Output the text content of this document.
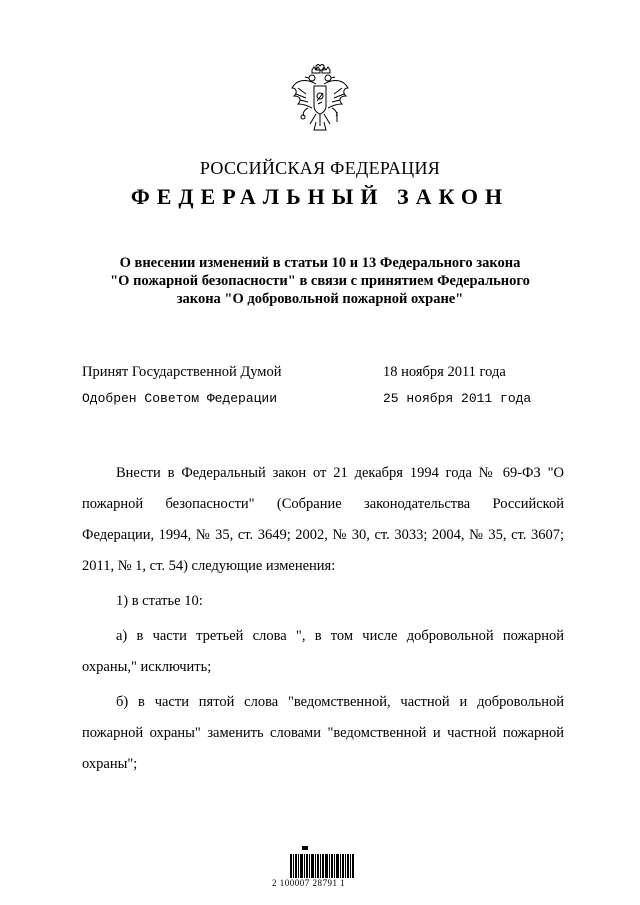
РОССИЙСКАЯ ФЕДЕРАЦИЯ
ФЕДЕРАЛЬНЫЙ ЗАКОН
О внесении изменений в статьи 10 и 13 Федерального закона
"О пожарной безопасности" в связи с принятием Федерального
закона "О добровольной пожарной охране"
Принят Государственной Думой	18 ноября 2011 года
Одобрен Советом Федерации	25 ноября 2011 года
Внести в Федеральный закон от 21 декабря 1994 года № 69-ФЗ "О пожарной безопасности" (Собрание законодательства Российской Федерации, 1994, № 35, ст. 3649; 2002, № 30, ст. 3033; 2004, № 35, ст. 3607; 2011, № 1, ст. 54) следующие изменения:
1) в статье 10:
а) в части третьей слова ", в том числе добровольной пожарной охраны," исключить;
б) в части пятой слова "ведомственной, частной и добровольной пожарной охраны" заменить словами "ведомственной и частной пожарной охраны";
2 100007 28791 1
